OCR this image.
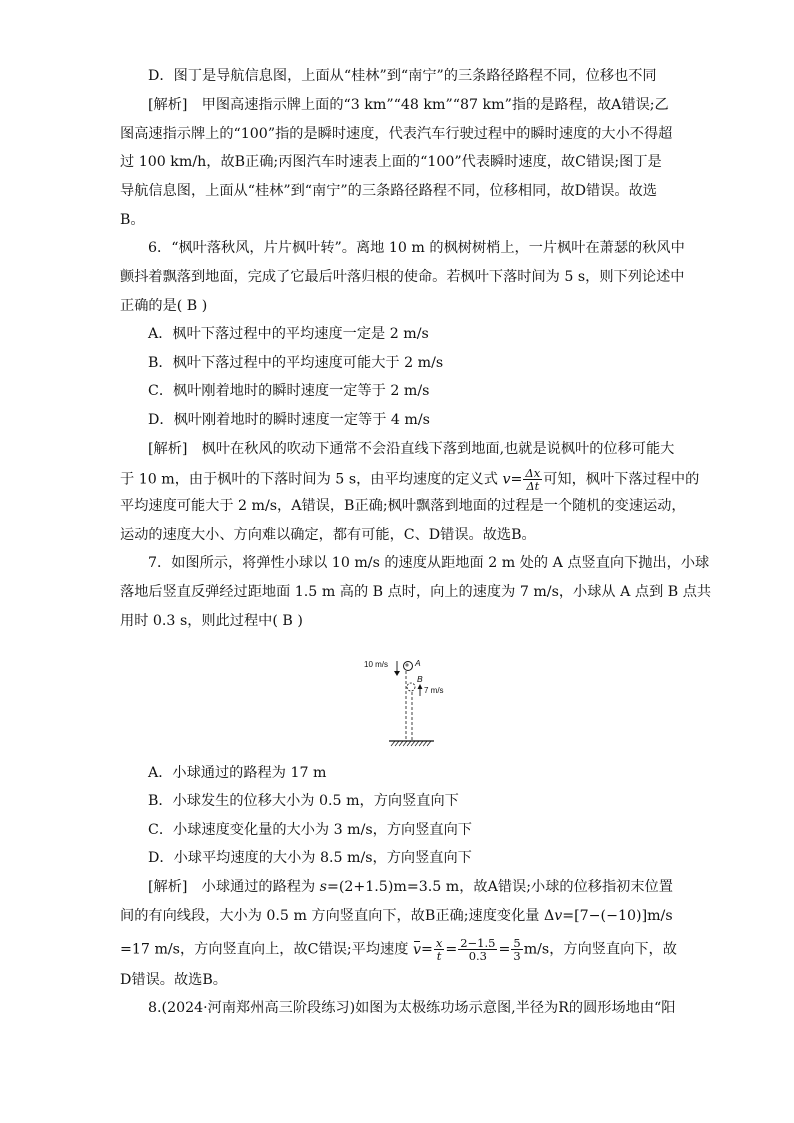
D．图丁是导航信息图，上面从“桂林”到“南宁”的三条路径路程不同，位移也不同
[解析]　甲图高速指示牌上面的“3 km”“48 km”“87 km”指的是路程，故A错误;乙
图高速指示牌上的“100”指的是瞬时速度，代表汽车行驶过程中的瞬时速度的大小不得超
过 100 km/h，故B正确;丙图汽车时速表上面的“100”代表瞬时速度，故C错误;图丁是
导航信息图，上面从“桂林”到“南宁”的三条路径路程不同，位移相同，故D错误。故选
B。
6．“枫叶落秋风，片片枫叶转”。离地 10 m 的枫树树梢上，一片枫叶在萧瑟的秋风中
颤抖着飘落到地面，完成了它最后叶落归根的使命。若枫叶下落时间为 5 s，则下列论述中
正确的是( B )
A．枫叶下落过程中的平均速度一定是 2 m/s
B．枫叶下落过程中的平均速度可能大于 2 m/s
C．枫叶刚着地时的瞬时速度一定等于 2 m/s
D．枫叶刚着地时的瞬时速度一定等于 4 m/s
[解析]　枫叶在秋风的吹动下通常不会沿直线下落到地面,也就是说枫叶的位移可能大
于 10 m，由于枫叶的下落时间为 5 s，由平均速度的定义式 $v= \frac{\Delta x}{\Delta t}$ 可知，枫叶下落过程中的
平均速度可能大于 2 m/s，A错误，B正确;枫叶飘落到地面的过程是一个随机的变速运动，
运动的速度大小、方向难以确定，都有可能，C、D错误。故选B。
7．如图所示，将弹性小球以 10 m/s 的速度从距地面 2 m 处的 A 点竖直向下抛出，小球
落地后竖直反弹经过距地面 1.5 m 高的 B 点时，向上的速度为 7 m/s，小球从 A 点到 B 点共
用时 0.3 s，则此过程中( B )
10 m/s	A
B
7 m/s
A．小球通过的路程为 17 m
B．小球发生的位移大小为 0.5 m，方向竖直向下
C．小球速度变化量的大小为 3 m/s，方向竖直向下
D．小球平均速度的大小为 8.5 m/s，方向竖直向下
[解析]　小球通过的路程为 s=(2+1.5)m=3.5 m，故A错误;小球的位移指初末位置
间的有向线段，大小为 0.5 m 方向竖直向下，故B正确;速度变化量 Δv=[7−(−10)]m/s
=17 m/s，方向竖直向上，故C错误;平均速度 $v= \frac{x}{t} = \frac{2-1.5}{0.3} = \frac{5}{3} m/s$，方向竖直向下，故
D错误。故选B。
8.(2024·河南郑州高三阶段练习)如图为太极练功场示意图,半径为R的圆形场地由“阳
